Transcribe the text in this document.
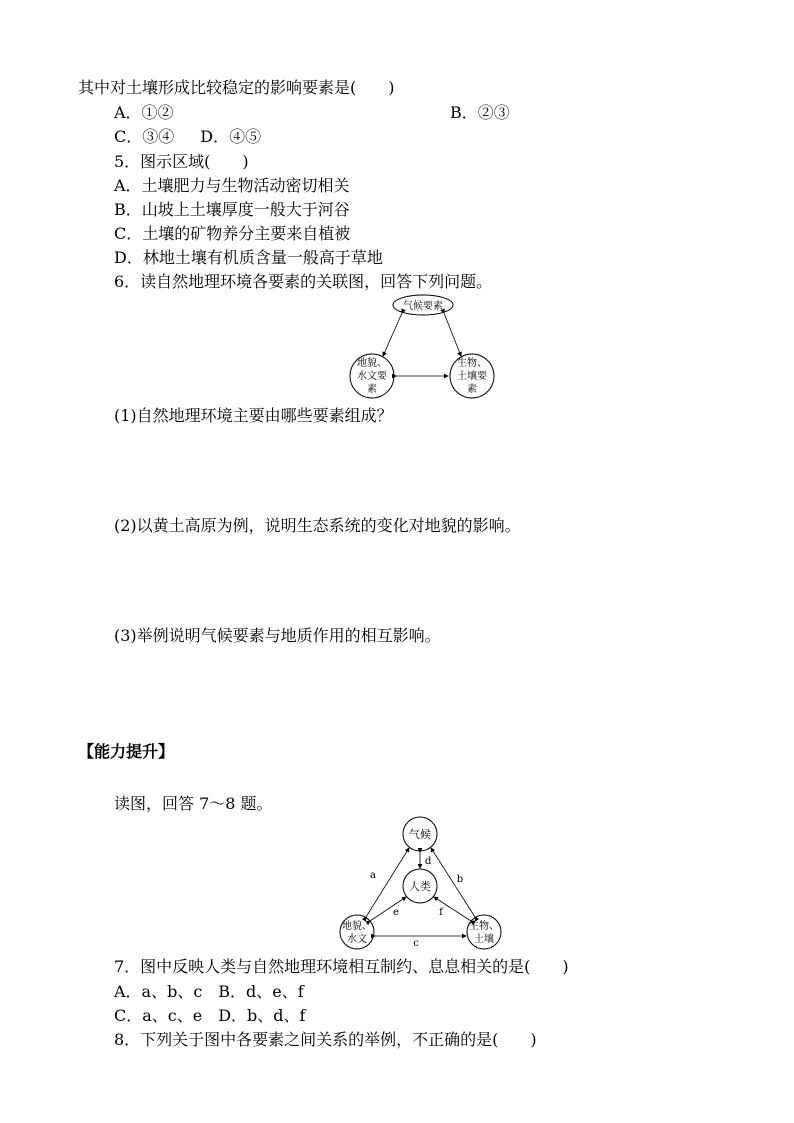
其中对土壤形成比较稳定的影响要素是(　　)
A．①②	B．②③
C．③④ D．④⑤
5．图示区域(　　)
A．土壤肥力与生物活动密切相关
B．山坡上土壤厚度一般大于河谷
C．土壤的矿物养分主要来自植被
D．林地土壤有机质含量一般高于草地
6．读自然地理环境各要素的关联图，回答下列问题。
气候要素
地貌、
水文要
素
生物、
土壤要
素
(1)自然地理环境主要由哪些要素组成？
(2)以黄土高原为例，说明生态系统的变化对地貌的影响。
(3)举例说明气候要素与地质作用的相互影响。
【能力提升】
读图，回答 7～8 题。
气候
人类
地貌、
水文
生物、
土壤
a	b
c
d
e	f
7．图中反映人类与自然地理环境相互制约、息息相关的是(　　)
A．a、b、c　B．d、e、f
C．a、c、e　D．b、d、f
8．下列关于图中各要素之间关系的举例，不正确的是(　　)
